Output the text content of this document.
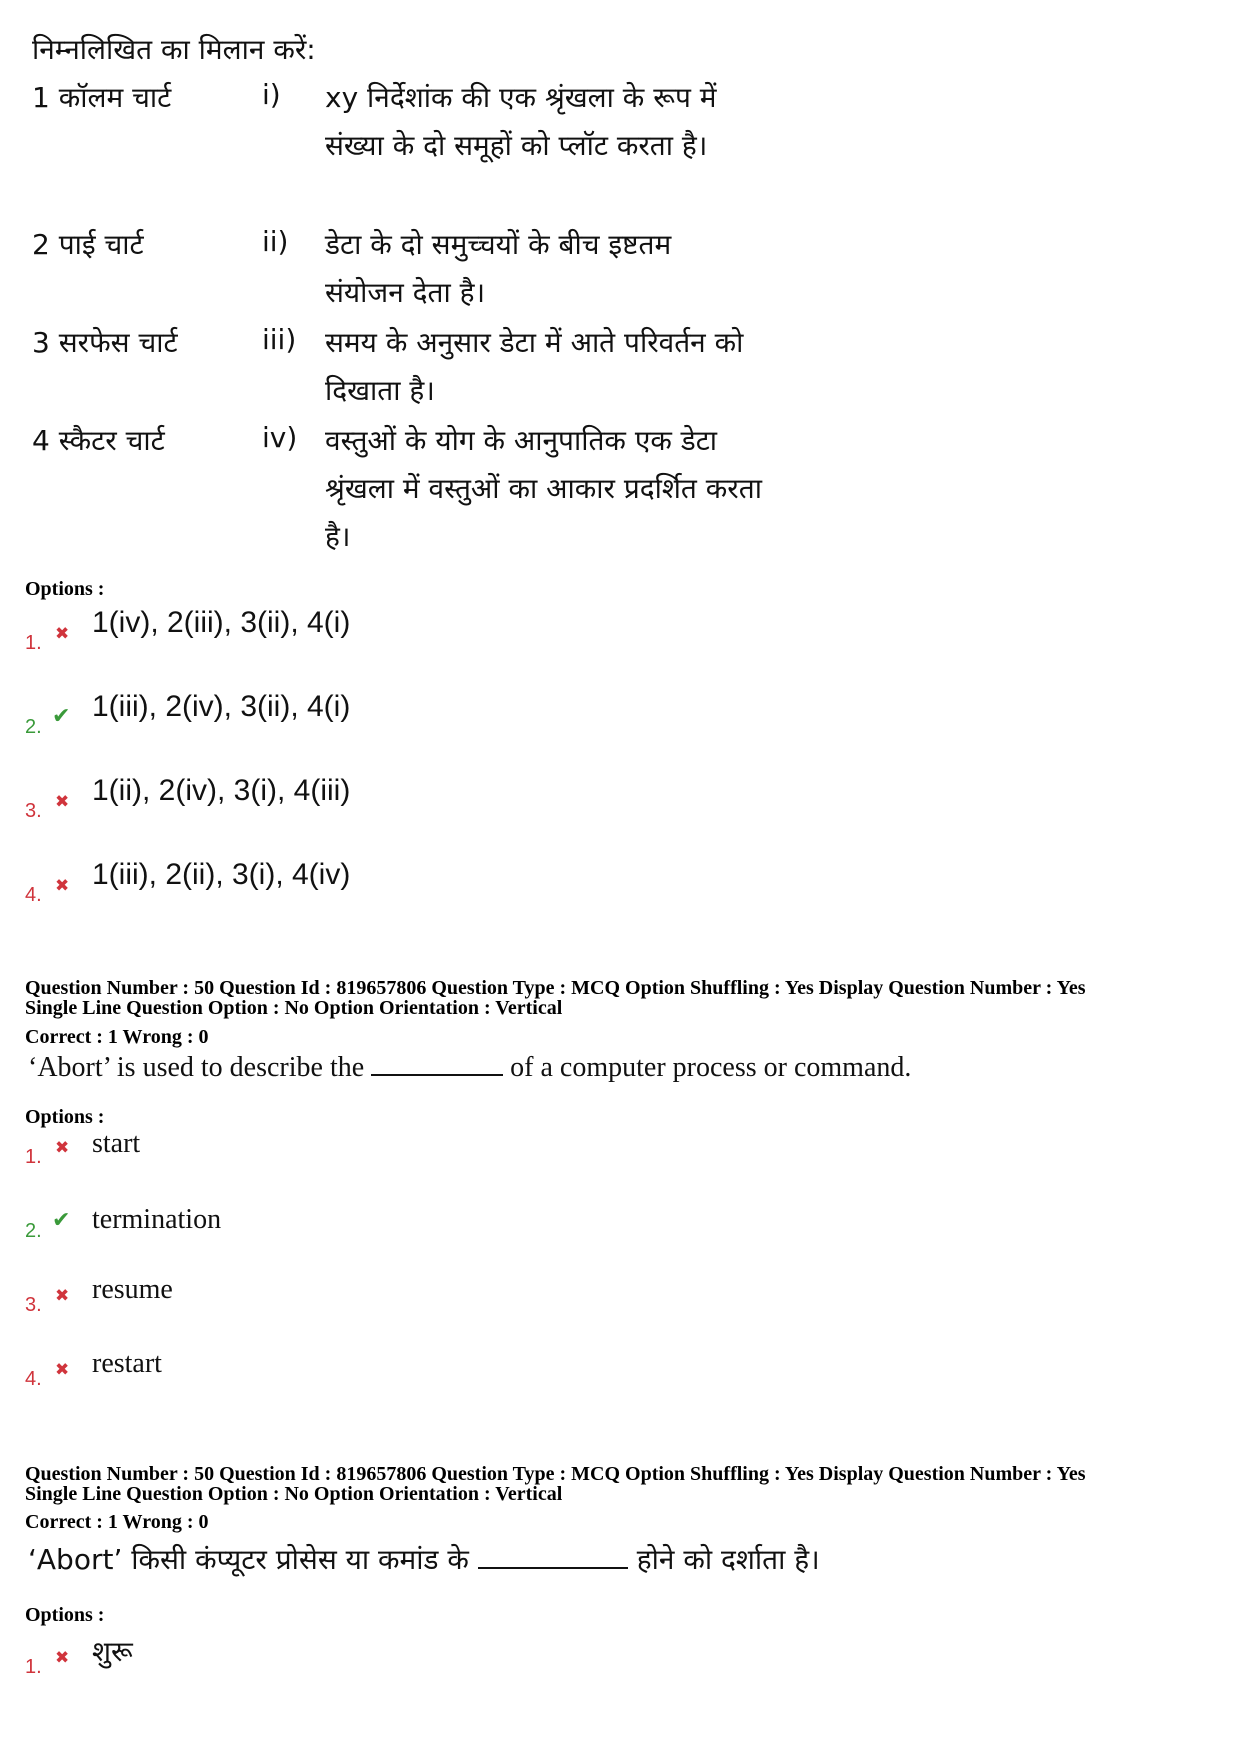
निम्नलिखित का मिलान करें:
1 कॉलम चार्ट	i) xy निर्देशांक की एक श्रृंखला के रूप में
संख्या के दो समूहों को प्लॉट करता है।
2 पाई चार्ट	ii) डेटा के दो समुच्चयों के बीच इष्टतम
संयोजन देता है।
3 सरफेस चार्ट	iii) समय के अनुसार डेटा में आते परिवर्तन को
दिखाता है।
4 स्कैटर चार्ट	iv) वस्तुओं के योग के आनुपातिक एक डेटा
श्रृंखला में वस्तुओं का आकार प्रदर्शित करता
है।
Options :
1. ✖ 1(iv), 2(iii), 3(ii), 4(i)
2. ✔ 1(iii), 2(iv), 3(ii), 4(i)
3. ✖ 1(ii), 2(iv), 3(i), 4(iii)
4. ✖ 1(iii), 2(ii), 3(i), 4(iv)
Question Number : 50 Question Id : 819657806 Question Type : MCQ Option Shuffling : Yes Display Question Number : Yes
Single Line Question Option : No Option Orientation : Vertical
Correct : 1 Wrong : 0
‘Abort’ is used to describe the	of a computer process or command.
Options :
1. ✖ start
2. ✔ termination
3. ✖ resume
4. ✖ restart
Question Number : 50 Question Id : 819657806 Question Type : MCQ Option Shuffling : Yes Display Question Number : Yes
Single Line Question Option : No Option Orientation : Vertical
Correct : 1 Wrong : 0
‘Abort’ किसी कंप्यूटर प्रोसेस या कमांड के	होने को दर्शाता है।
Options :
1. ✖ शुरू
